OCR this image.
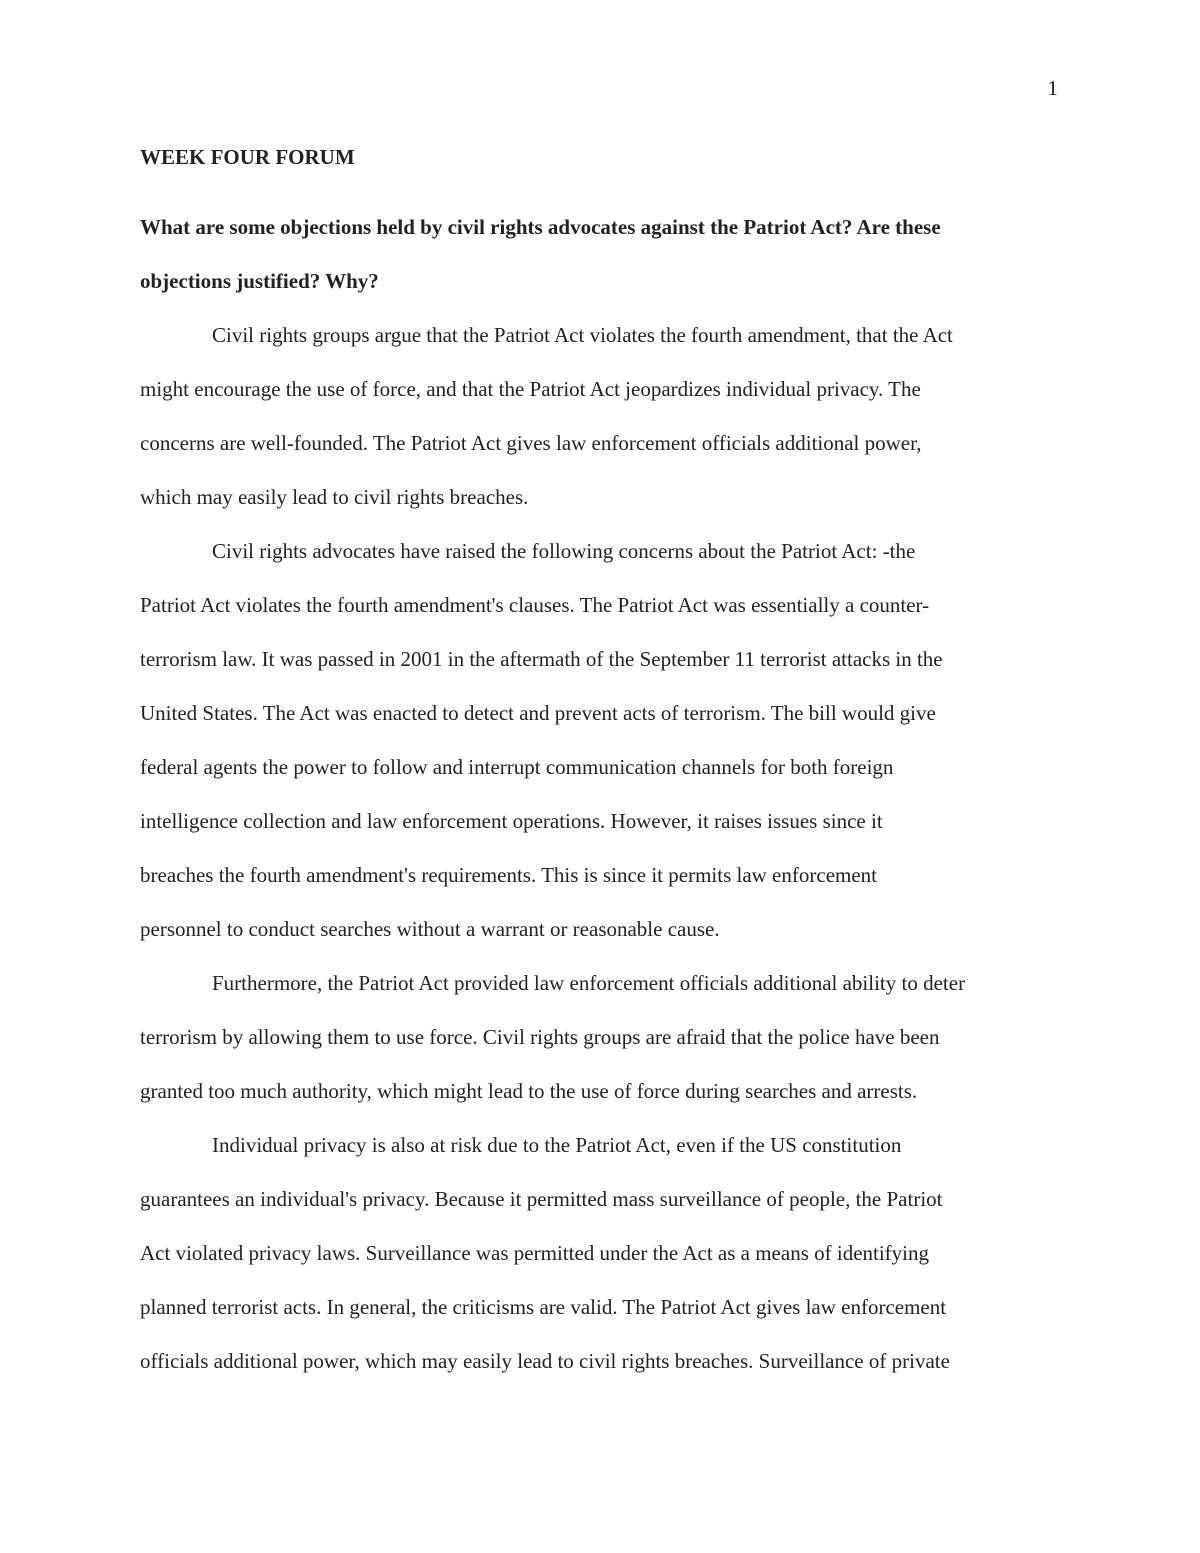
1
WEEK FOUR FORUM
What are some objections held by civil rights advocates against the Patriot Act? Are these
objections justified? Why?
Civil rights groups argue that the Patriot Act violates the fourth amendment, that the Act
might encourage the use of force, and that the Patriot Act jeopardizes individual privacy. The
concerns are well-founded. The Patriot Act gives law enforcement officials additional power,
which may easily lead to civil rights breaches.
Civil rights advocates have raised the following concerns about the Patriot Act: -the
Patriot Act violates the fourth amendment's clauses. The Patriot Act was essentially a counter-
terrorism law. It was passed in 2001 in the aftermath of the September 11 terrorist attacks in the
United States. The Act was enacted to detect and prevent acts of terrorism. The bill would give
federal agents the power to follow and interrupt communication channels for both foreign
intelligence collection and law enforcement operations. However, it raises issues since it
breaches the fourth amendment's requirements. This is since it permits law enforcement
personnel to conduct searches without a warrant or reasonable cause.
Furthermore, the Patriot Act provided law enforcement officials additional ability to deter
terrorism by allowing them to use force. Civil rights groups are afraid that the police have been
granted too much authority, which might lead to the use of force during searches and arrests.
Individual privacy is also at risk due to the Patriot Act, even if the US constitution
guarantees an individual's privacy. Because it permitted mass surveillance of people, the Patriot
Act violated privacy laws. Surveillance was permitted under the Act as a means of identifying
planned terrorist acts. In general, the criticisms are valid. The Patriot Act gives law enforcement
officials additional power, which may easily lead to civil rights breaches. Surveillance of private
